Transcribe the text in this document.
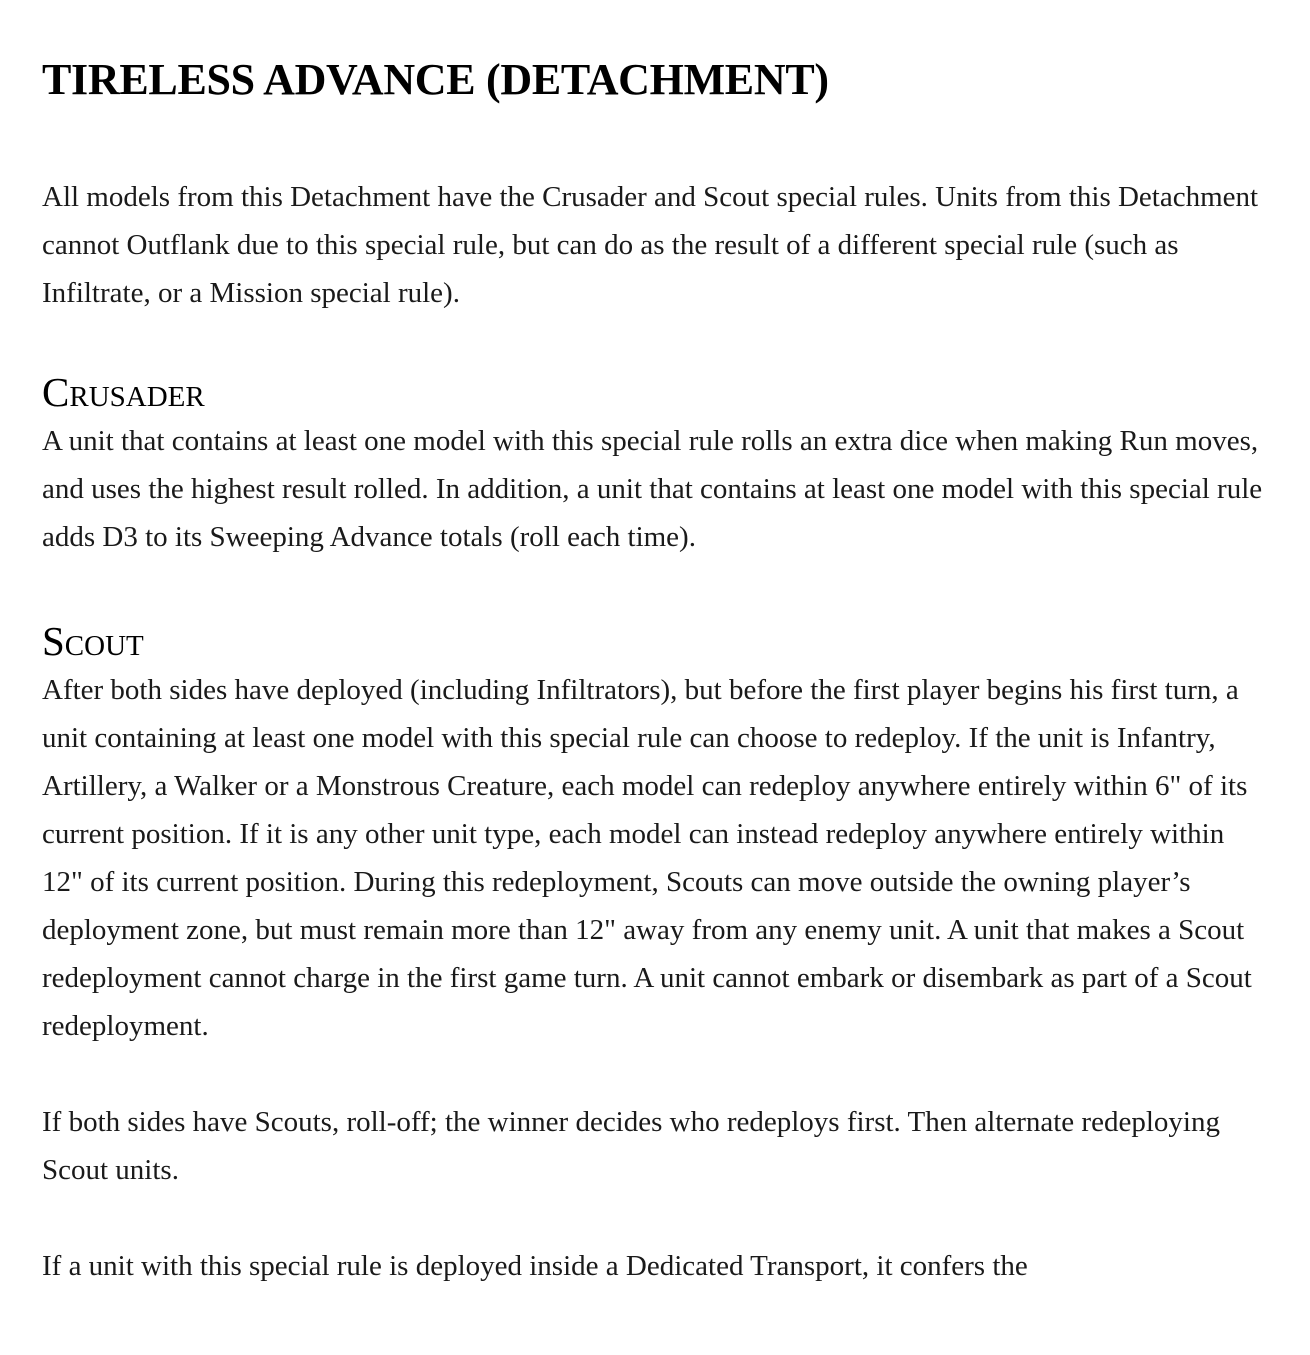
TIRELESS ADVANCE (DETACHMENT)

All models from this Detachment have the Crusader and Scout special rules. Units from this Detachment cannot Outflank due to this special rule, but can do as the result of a different special rule (such as Infiltrate, or a Mission special rule).

Crusader

A unit that contains at least one model with this special rule rolls an extra dice when making Run moves, and uses the highest result rolled. In addition, a unit that contains at least one model with this special rule adds D3 to its Sweeping Advance totals (roll each time).

Scout

After both sides have deployed (including Infiltrators), but before the first player begins his first turn, a unit containing at least one model with this special rule can choose to redeploy. If the unit is Infantry, Artillery, a Walker or a Monstrous Creature, each model can redeploy anywhere entirely within 6" of its current position. If it is any other unit type, each model can instead redeploy anywhere entirely within 12" of its current position. During this redeployment, Scouts can move outside the owning player’s deployment zone, but must remain more than 12" away from any enemy unit. A unit that makes a Scout redeployment cannot charge in the first game turn. A unit cannot embark or disembark as part of a Scout redeployment.

If both sides have Scouts, roll-off; the winner decides who redeploys first. Then alternate redeploying Scout units.

If a unit with this special rule is deployed inside a Dedicated Transport, it confers the
